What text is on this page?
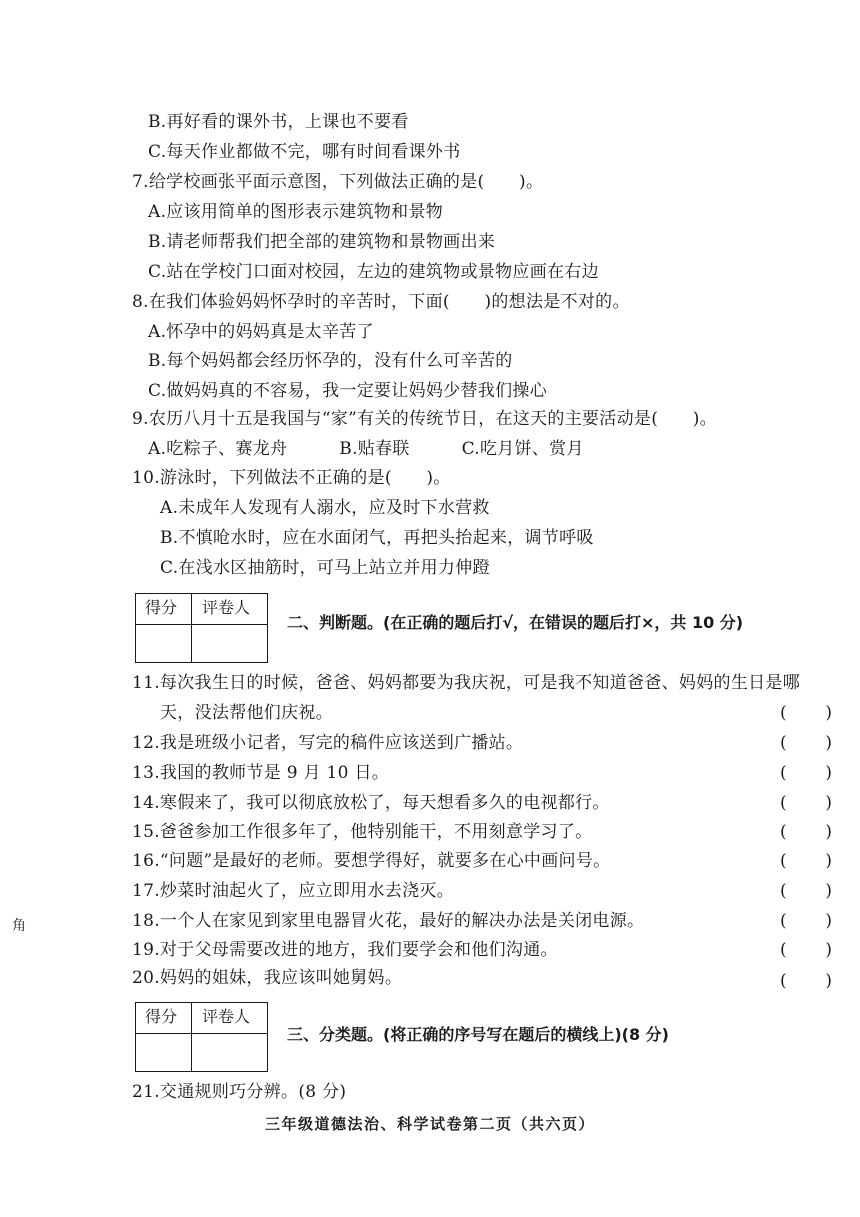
B.再好看的课外书，上课也不要看
C.每天作业都做不完，哪有时间看课外书
7.给学校画张平面示意图，下列做法正确的是(　　)。
A.应该用简单的图形表示建筑物和景物
B.请老师帮我们把全部的建筑物和景物画出来
C.站在学校门口面对校园，左边的建筑物或景物应画在右边
8.在我们体验妈妈怀孕时的辛苦时，下面(　　)的想法是不对的。
A.怀孕中的妈妈真是太辛苦了
B.每个妈妈都会经历怀孕的，没有什么可辛苦的
C.做妈妈真的不容易，我一定要让妈妈少替我们操心
9.农历八月十五是我国与“家”有关的传统节日，在这天的主要活动是(　　)。
A.吃粽子、赛龙舟　　　B.贴春联　　　C.吃月饼、赏月
10.游泳时，下列做法不正确的是(　　)。
A.未成年人发现有人溺水，应及时下水营救
B.不慎呛水时，应在水面闭气，再把头抬起来，调节呼吸
C.在浅水区抽筋时，可马上站立并用力伸蹬
得分 评卷人
二、判断题。(在正确的题后打√，在错误的题后打×，共 10 分)
11.每次我生日的时候，爸爸、妈妈都要为我庆祝，可是我不知道爸爸、妈妈的生日是哪
天，没法帮他们庆祝。	( )
12.我是班级小记者，写完的稿件应该送到广播站。	( )
13.我国的教师节是 9 月 10 日。	( )
14.寒假来了，我可以彻底放松了，每天想看多久的电视都行。	( )
15.爸爸参加工作很多年了，他特别能干，不用刻意学习了。	( )
16.“问题”是最好的老师。要想学得好，就要多在心中画问号。	( )
17.炒菜时油起火了，应立即用水去浇灭。	( )
18.一个人在家见到家里电器冒火花，最好的解决办法是关闭电源。	( )
19.对于父母需要改进的地方，我们要学会和他们沟通。	( )
20.妈妈的姐妹，我应该叫她舅妈。	( )
得分 评卷人
三、分类题。(将正确的序号写在题后的横线上)(8 分)
21.交通规则巧分辨。(8 分)
三年级道德法治、科学试卷第二页（共六页）
角
